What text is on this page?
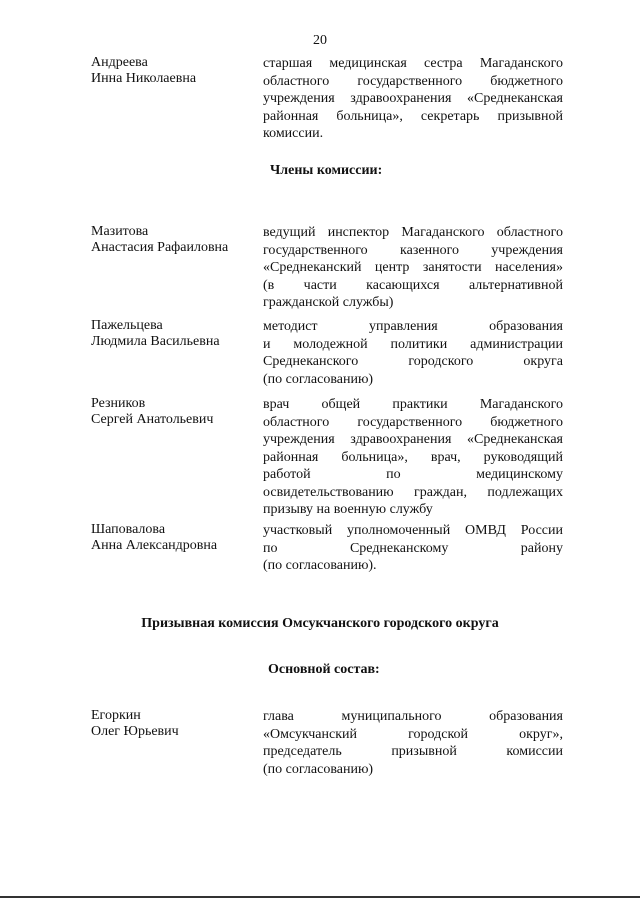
20
Андреева
Инна Николаевна
старшая медицинская сестра Магаданского
областного государственного бюджетного
учреждения здравоохранения «Среднеканская
районная больница», секретарь призывной
комиссии.
Члены комиссии:
Мазитова
Анастасия Рафаиловна
ведущий инспектор Магаданского областного
государственного казенного учреждения
«Среднеканский центр занятости населения»
(в части касающихся альтернативной
гражданской службы)
Пажельцева
Людмила Васильевна
методист управления образования
и молодежной политики администрации
Среднеканского городского округа
(по согласованию)
Резников
Сергей Анатольевич
врач общей практики Магаданского
областного государственного бюджетного
учреждения здравоохранения «Среднеканская
районная больница», врач, руководящий
работой по медицинскому
освидетельствованию граждан, подлежащих
призыву на военную службу
Шаповалова
Анна Александровна
участковый уполномоченный ОМВД России
по Среднеканскому району
(по согласованию).
Призывная комиссия Омсукчанского городского округа
Основной состав:
Егоркин
Олег Юрьевич
глава муниципального образования
«Омсукчанский городской округ»,
председатель призывной комиссии
(по согласованию)
